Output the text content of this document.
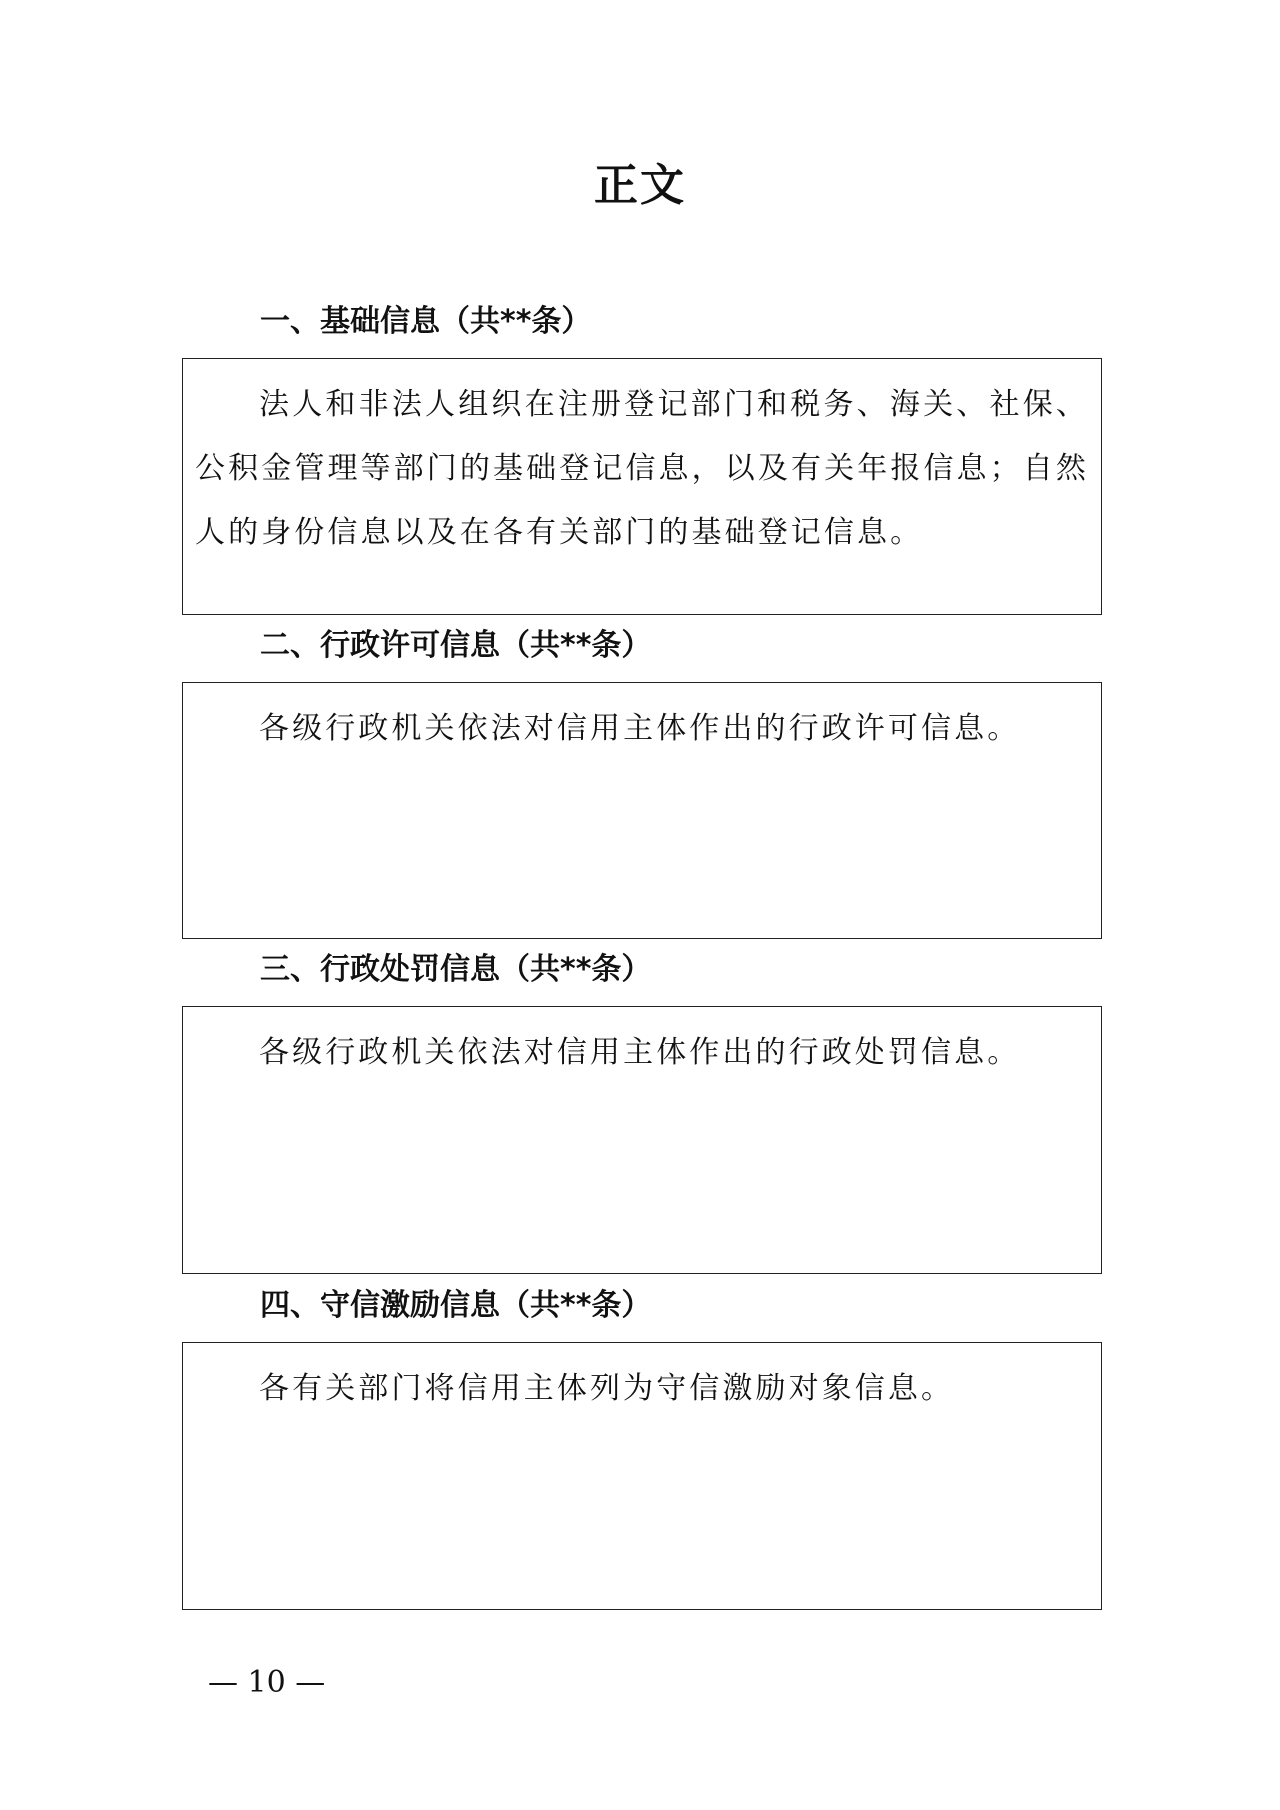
正文
一、基础信息（共**条）

法人和非法人组织在注册登记部门和税务、海关、社保、公积金管理等部门的基础登记信息，以及有关年报信息；自然人的身份信息以及在各有关部门的基础登记信息。

二、行政许可信息（共**条）

各级行政机关依法对信用主体作出的行政许可信息。

三、行政处罚信息（共**条）

各级行政机关依法对信用主体作出的行政处罚信息。

四、守信激励信息（共**条）

各有关部门将信用主体列为守信激励对象信息。

— 10 —
